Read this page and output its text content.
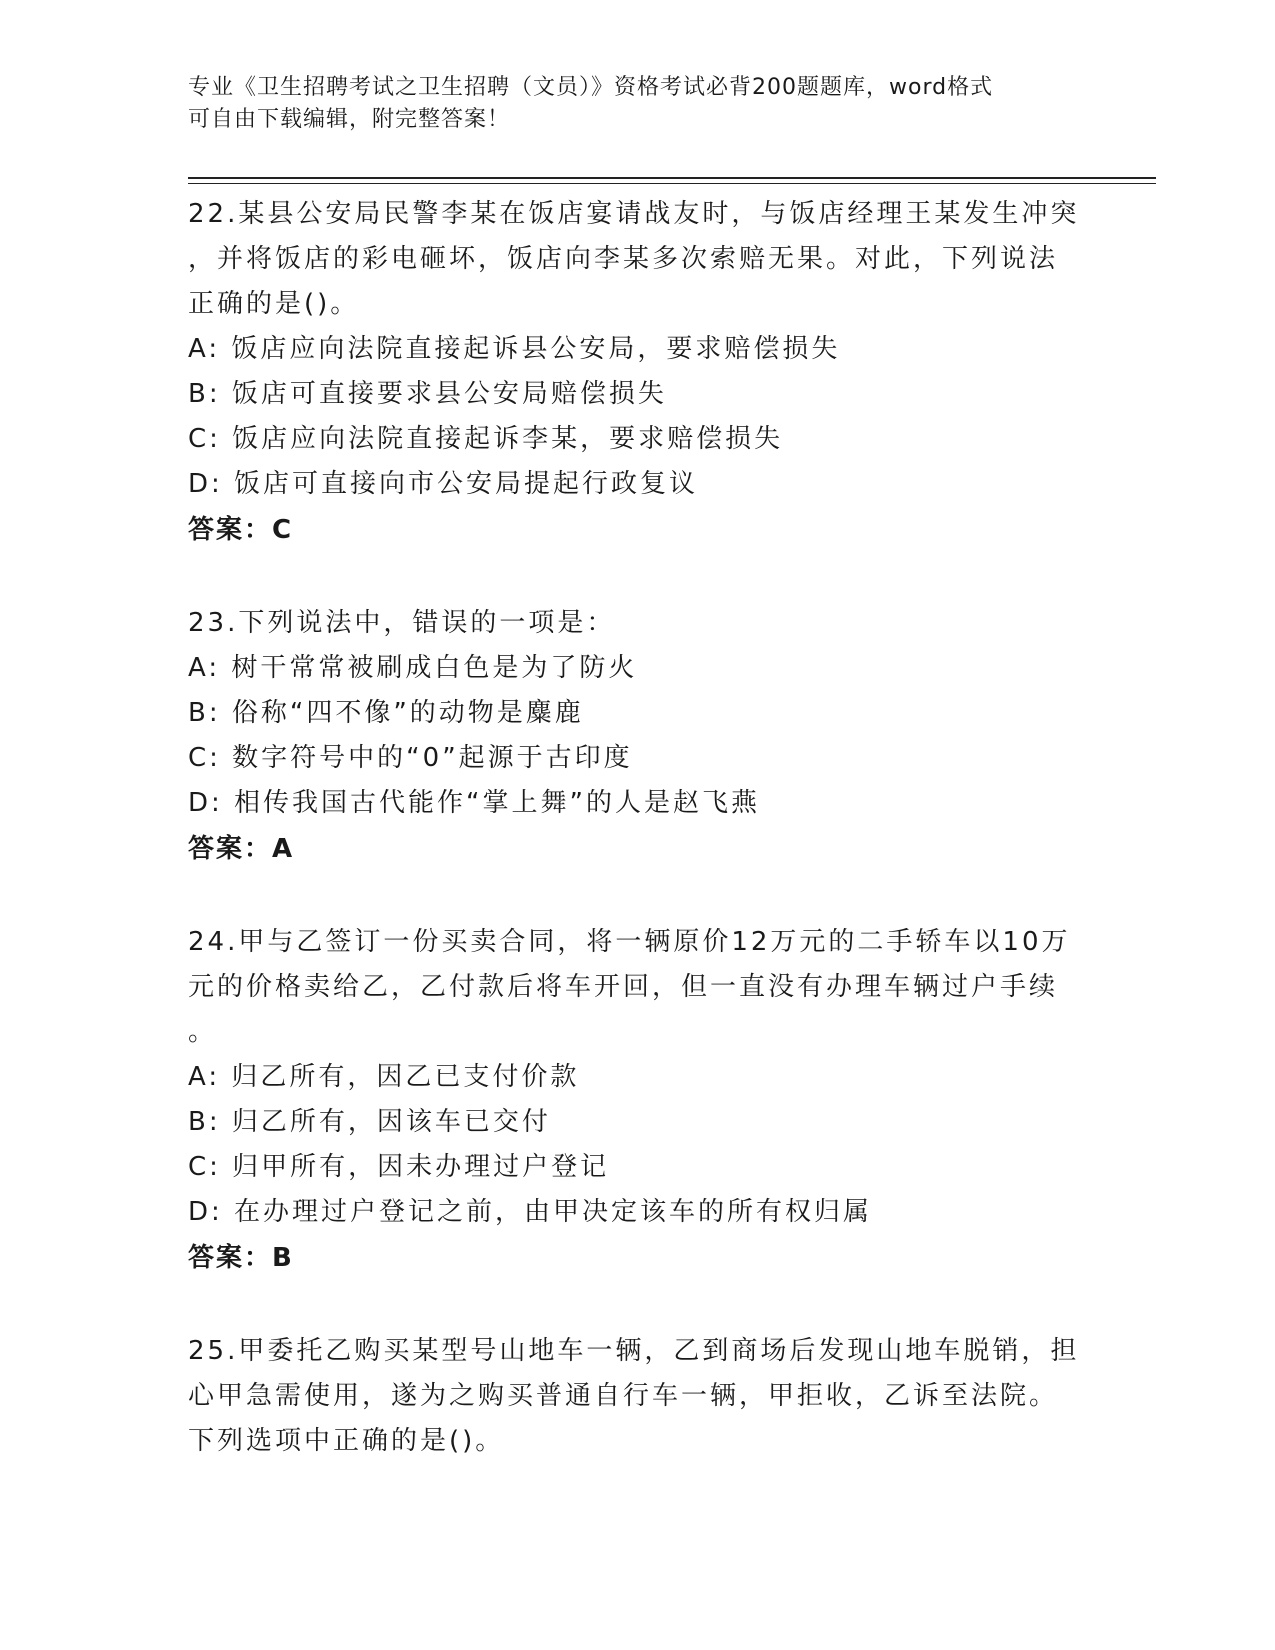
专业《卫生招聘考试之卫生招聘（文员）》资格考试必背200题题库，word格式
可自由下载编辑，附完整答案！
22.某县公安局民警李某在饭店宴请战友时，与饭店经理王某发生冲突
，并将饭店的彩电砸坏，饭店向李某多次索赔无果。对此，下列说法
正确的是()。
A: 饭店应向法院直接起诉县公安局，要求赔偿损失
B: 饭店可直接要求县公安局赔偿损失
C: 饭店应向法院直接起诉李某，要求赔偿损失
D: 饭店可直接向市公安局提起行政复议
答案：C
23.下列说法中，错误的一项是：
A: 树干常常被刷成白色是为了防火
B: 俗称“四不像”的动物是麋鹿
C: 数字符号中的“0”起源于古印度
D: 相传我国古代能作“掌上舞”的人是赵飞燕
答案：A
24.甲与乙签订一份买卖合同，将一辆原价12万元的二手轿车以10万
元的价格卖给乙，乙付款后将车开回，但一直没有办理车辆过户手续
。
A: 归乙所有，因乙已支付价款
B: 归乙所有，因该车已交付
C: 归甲所有，因未办理过户登记
D: 在办理过户登记之前，由甲决定该车的所有权归属
答案：B
25.甲委托乙购买某型号山地车一辆，乙到商场后发现山地车脱销，担
心甲急需使用，遂为之购买普通自行车一辆，甲拒收，乙诉至法院。
下列选项中正确的是()。
